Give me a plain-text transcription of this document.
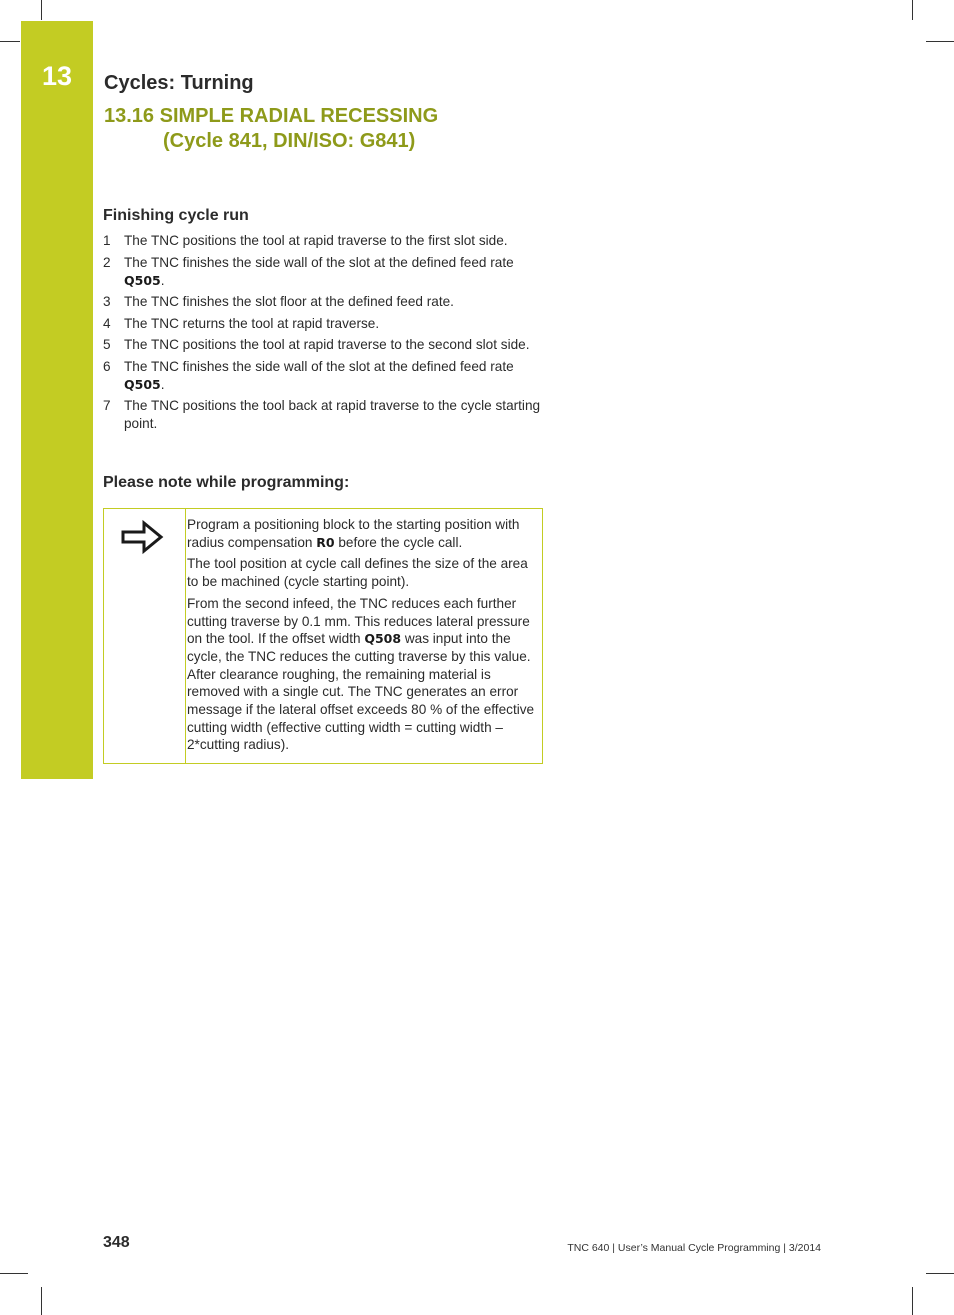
13	Cycles: Turning
13.16 SIMPLE RADIAL RECESSING
(Cycle 841, DIN/ISO: G841)
Finishing cycle run
1 The TNC positions the tool at rapid traverse to the first slot side.
2 The TNC finishes the side wall of the slot at the defined feed rate Q505.
3 The TNC finishes the slot floor at the defined feed rate.
4 The TNC returns the tool at rapid traverse.
5 The TNC positions the tool at rapid traverse to the second slot side.
6 The TNC finishes the side wall of the slot at the defined feed rate Q505.
7 The TNC positions the tool back at rapid traverse to the cycle starting point.
Please note while programming:

Program a positioning block to the starting position with radius compensation R0 before the cycle call.

The tool position at cycle call defines the size of the area to be machined (cycle starting point).

From the second infeed, the TNC reduces each further cutting traverse by 0.1 mm. This reduces lateral pressure on the tool. If the offset width Q508 was input into the cycle, the TNC reduces the cutting traverse by this value. After clearance roughing, the remaining material is removed with a single cut. The TNC generates an error message if the lateral offset exceeds 80 % of the effective cutting width (effective cutting width = cutting width –2*cutting radius).

348	TNC 640 | User’s Manual Cycle Programming | 3/2014
